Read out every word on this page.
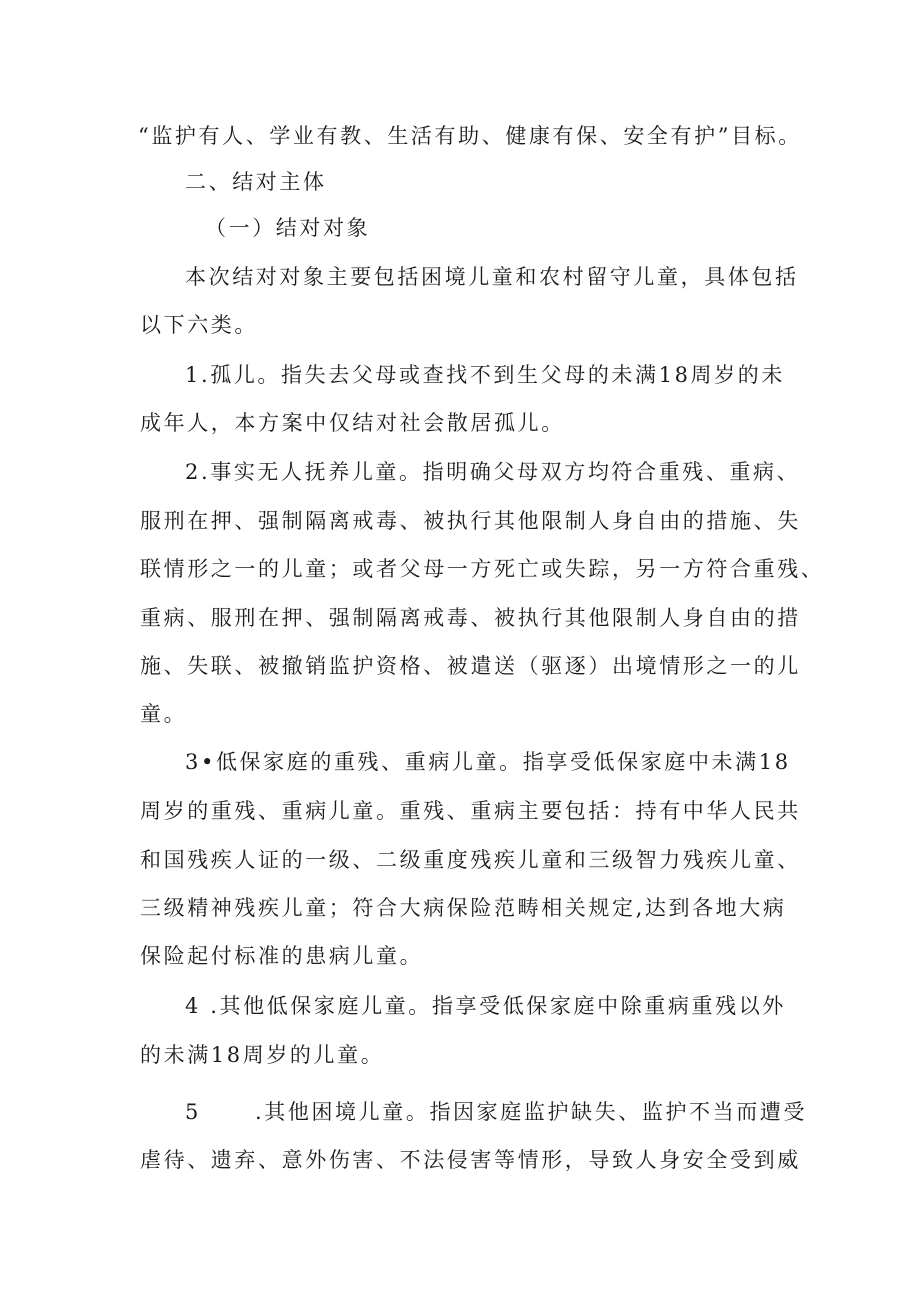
“监护有人、学业有教、生活有助、健康有保、安全有护”目标。
二、结对主体
（一）结对对象
本次结对对象主要包括困境儿童和农村留守儿童，具体包括
以下六类。
1.孤儿。指失去父母或查找不到生父母的未满18周岁的未
成年人，本方案中仅结对社会散居孤儿。
2.事实无人抚养儿童。指明确父母双方均符合重残、重病、
服刑在押、强制隔离戒毒、被执行其他限制人身自由的措施、失
联情形之一的儿童；或者父母一方死亡或失踪，另一方符合重残、
重病、服刑在押、强制隔离戒毒、被执行其他限制人身自由的措
施、失联、被撤销监护资格、被遣送（驱逐）出境情形之一的儿
童。
3•低保家庭的重残、重病儿童。指享受低保家庭中未满18
周岁的重残、重病儿童。重残、重病主要包括：持有中华人民共
和国残疾人证的一级、二级重度残疾儿童和三级智力残疾儿童、
三级精神残疾儿童；符合大病保险范畴相关规定,达到各地大病
保险起付标准的患病儿童。
4 .其他低保家庭儿童。指享受低保家庭中除重病重残以外
的未满18周岁的儿童。
5	.其他困境儿童。指因家庭监护缺失、监护不当而遭受
虐待、遗弃、意外伤害、不法侵害等情形，导致人身安全受到威
